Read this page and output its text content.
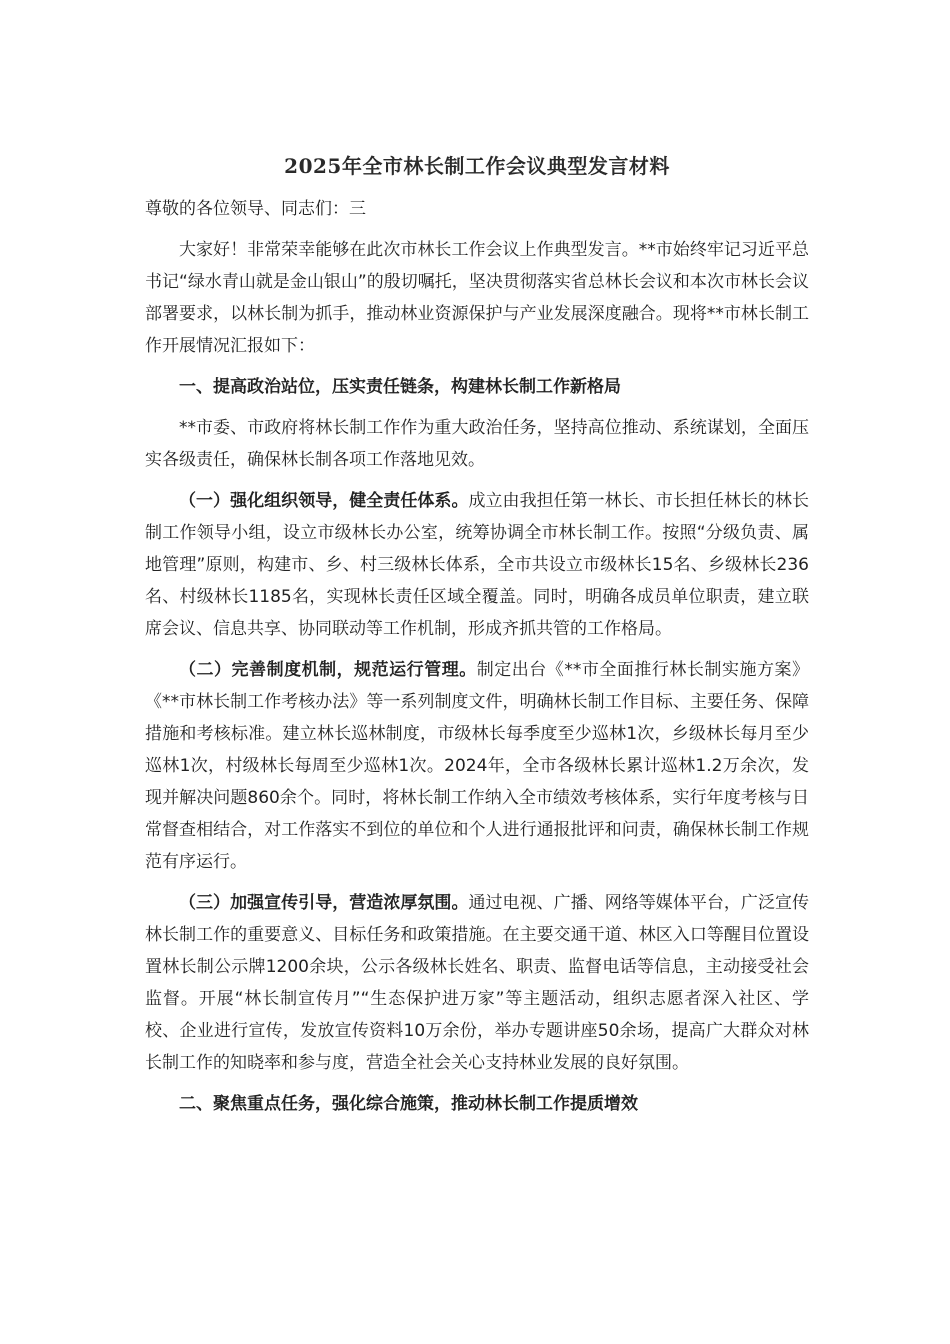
2025年全市林长制工作会议典型发言材料
尊敬的各位领导、同志们：三

大家好！非常荣幸能够在此次市林长工作会议上作典型发言。**市始终牢记习近平总书记“绿水青山就是金山银山”的殷切嘱托，坚决贯彻落实省总林长会议和本次市林长会议部署要求，以林长制为抓手，推动林业资源保护与产业发展深度融合。现将**市林长制工作开展情况汇报如下：

一、提高政治站位，压实责任链条，构建林长制工作新格局

**市委、市政府将林长制工作作为重大政治任务，坚持高位推动、系统谋划，全面压实各级责任，确保林长制各项工作落地见效。

（一）强化组织领导，健全责任体系。成立由我担任第一林长、市长担任林长的林长制工作领导小组，设立市级林长办公室，统筹协调全市林长制工作。按照“分级负责、属地管理”原则，构建市、乡、村三级林长体系，全市共设立市级林长15名、乡级林长236名、村级林长1185名，实现林长责任区域全覆盖。同时，明确各成员单位职责，建立联席会议、信息共享、协同联动等工作机制，形成齐抓共管的工作格局。

（二）完善制度机制，规范运行管理。制定出台《**市全面推行林长制实施方案》《**市林长制工作考核办法》等一系列制度文件，明确林长制工作目标、主要任务、保障措施和考核标准。建立林长巡林制度，市级林长每季度至少巡林1次，乡级林长每月至少巡林1次，村级林长每周至少巡林1次。2024年，全市各级林长累计巡林1.2万余次，发现并解决问题860余个。同时，将林长制工作纳入全市绩效考核体系，实行年度考核与日常督查相结合，对工作落实不到位的单位和个人进行通报批评和问责，确保林长制工作规范有序运行。

（三）加强宣传引导，营造浓厚氛围。通过电视、广播、网络等媒体平台，广泛宣传林长制工作的重要意义、目标任务和政策措施。在主要交通干道、林区入口等醒目位置设置林长制公示牌1200余块，公示各级林长姓名、职责、监督电话等信息，主动接受社会监督。开展“林长制宣传月”“生态保护进万家”等主题活动，组织志愿者深入社区、学校、企业进行宣传，发放宣传资料10万余份，举办专题讲座50余场，提高广大群众对林长制工作的知晓率和参与度，营造全社会关心支持林业发展的良好氛围。

二、聚焦重点任务，强化综合施策，推动林长制工作提质增效
